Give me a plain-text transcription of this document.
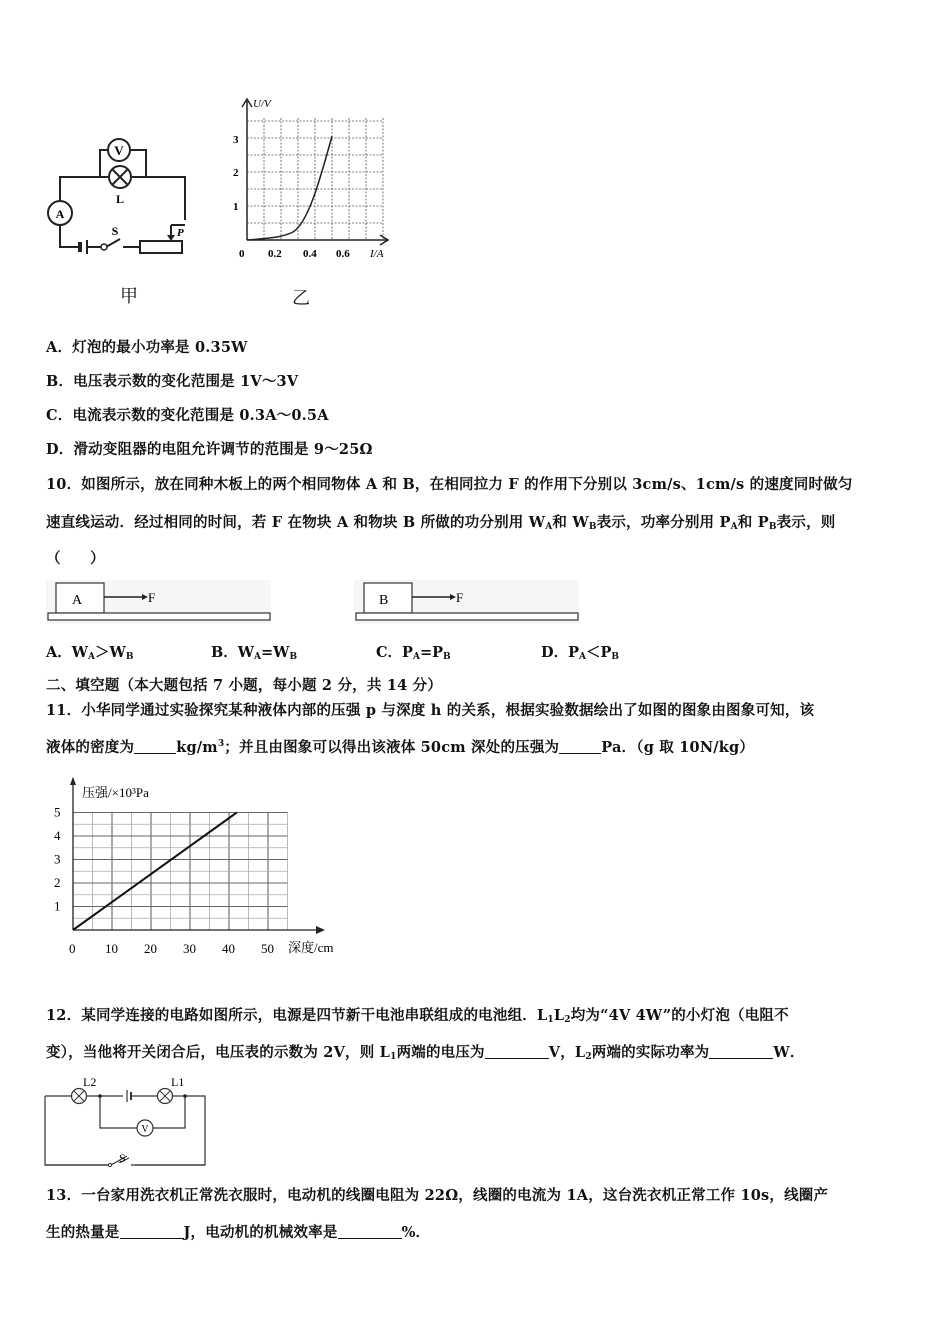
V
L
A
S	P
甲
U/V
I/A
0 0.2 0.4 0.6
1
2
3
乙
A．灯泡的最小功率是 0.35W
B．电压表示数的变化范围是 1V～3V
C．电流表示数的变化范围是 0.3A～0.5A
D．滑动变阻器的电阻允许调节的范围是 9～25Ω
10．如图所示，放在同种木板上的两个相同物体 A 和 B，在相同拉力 F 的作用下分别以 3cm/s、1cm/s 的速度同时做匀
速直线运动．经过相同的时间，若 F 在物块 A 和物块 B 所做的功分别用 $W_A$和 $W_B$表示，功率分别用 $P_A$和 $P_B$表示，则
（　　）
A	F	B	F
A．$W_A>W_B$	B．$W_A=W_B$	C．$P_A=P_B$	D．$P_A<P_B$
二、填空题（本大题包括 7 小题，每小题 2 分，共 14 分）
11．小华同学通过实验探究某种液体内部的压强 p 与深度 h 的关系，根据实验数据绘出了如图的图象由图象可知，该
液体的密度为	$kg/m^3$；并且由图象可以得出该液体 50cm 深处的压强为	Pa．（g 取 10N/kg）
压强/×10³Pa
深度/cm
0 10 20 30 40 50
1
2
3
4
5
12．某同学连接的电路如图所示，电源是四节新干电池串联组成的电池组．$L_1L_2$均为“4V 4W”的小灯泡（电阻不
变），当他将开关闭合后，电压表的示数为 2V，则 $L_1$两端的电压为	V，$L_2$两端的实际功率为	W．
V
L2	L1
S
13．一台家用洗衣机正常洗衣服时，电动机的线圈电阻为 22Ω，线圈的电流为 1A，这台洗衣机正常工作 10s，线圈产
生的热量是	J，电动机的机械效率是	%．
